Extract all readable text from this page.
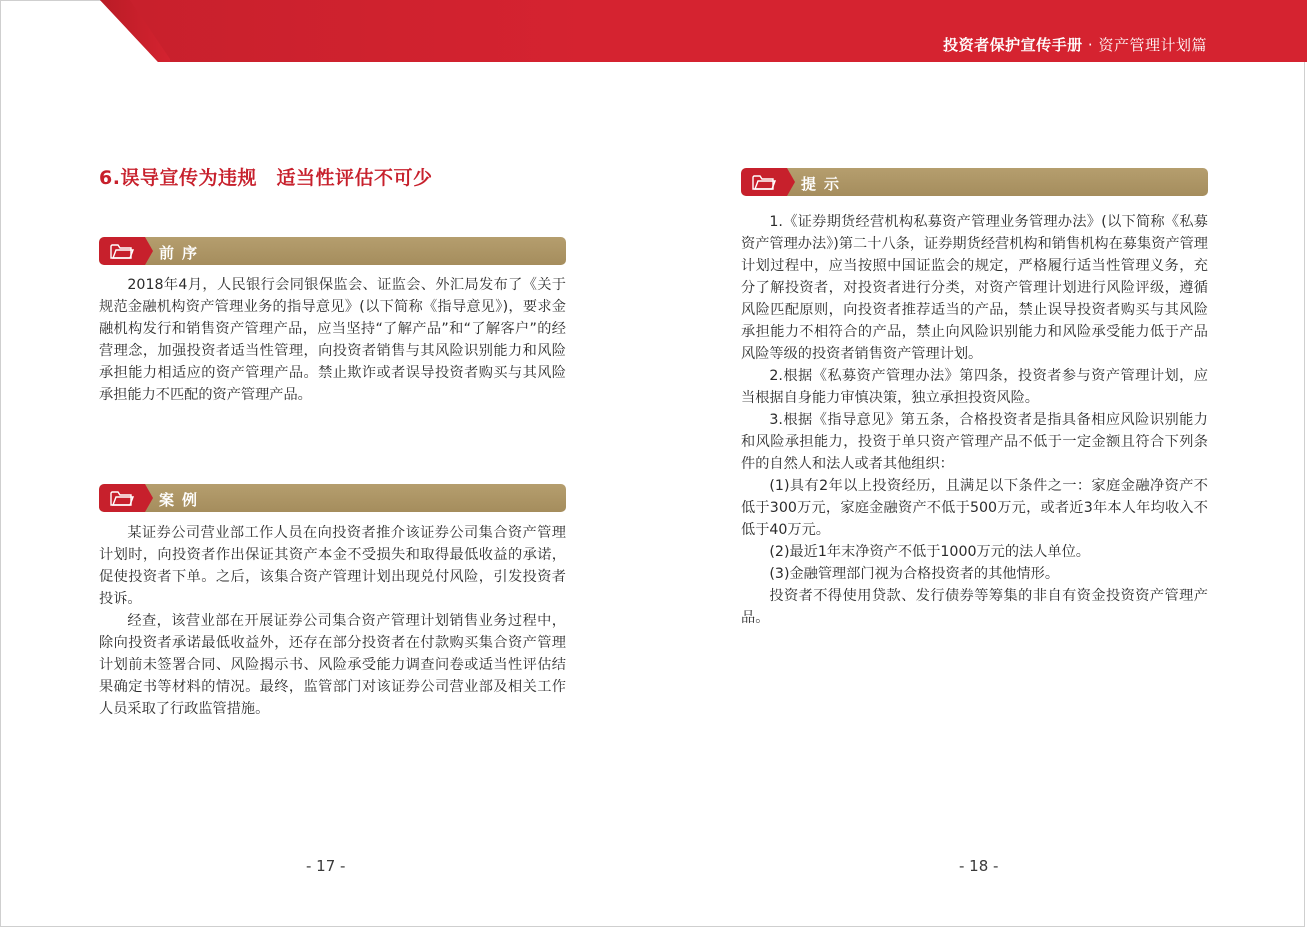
投资者保护宣传手册 · 资产管理计划篇
6.误导宣传为违规　适当性评估不可少
前序

2018年4月，人民银行会同银保监会、证监会、外汇局发布了《关于规范金融机构资产管理业务的指导意见》(以下简称《指导意见》)，要求金融机构发行和销售资产管理产品，应当坚持“了解产品”和“了解客户”的经营理念，加强投资者适当性管理，向投资者销售与其风险识别能力和风险承担能力相适应的资产管理产品。禁止欺诈或者误导投资者购买与其风险承担能力不匹配的资产管理产品。

案例

某证券公司营业部工作人员在向投资者推介该证券公司集合资产管理计划时，向投资者作出保证其资产本金不受损失和取得最低收益的承诺，促使投资者下单。之后，该集合资产管理计划出现兑付风险，引发投资者投诉。

经查，该营业部在开展证券公司集合资产管理计划销售业务过程中，除向投资者承诺最低收益外，还存在部分投资者在付款购买集合资产管理计划前未签署合同、风险揭示书、风险承受能力调查问卷或适当性评估结果确定书等材料的情况。最终，监管部门对该证券公司营业部及相关工作人员采取了行政监管措施。

- 17 -
提示

1.《证券期货经营机构私募资产管理业务管理办法》(以下简称《私募资产管理办法》)第二十八条，证券期货经营机构和销售机构在募集资产管理计划过程中，应当按照中国证监会的规定，严格履行适当性管理义务，充分了解投资者，对投资者进行分类，对资产管理计划进行风险评级，遵循风险匹配原则，向投资者推荐适当的产品，禁止误导投资者购买与其风险承担能力不相符合的产品，禁止向风险识别能力和风险承受能力低于产品风险等级的投资者销售资产管理计划。

2.根据《私募资产管理办法》第四条，投资者参与资产管理计划，应当根据自身能力审慎决策，独立承担投资风险。

3.根据《指导意见》第五条，合格投资者是指具备相应风险识别能力和风险承担能力，投资于单只资产管理产品不低于一定金额且符合下列条件的自然人和法人或者其他组织：

(1)具有2年以上投资经历，且满足以下条件之一：家庭金融净资产不低于300万元，家庭金融资产不低于500万元，或者近3年本人年均收入不低于40万元。

(2)最近1年末净资产不低于1000万元的法人单位。

(3)金融管理部门视为合格投资者的其他情形。

投资者不得使用贷款、发行债券等筹集的非自有资金投资资产管理产品。

- 18 -
